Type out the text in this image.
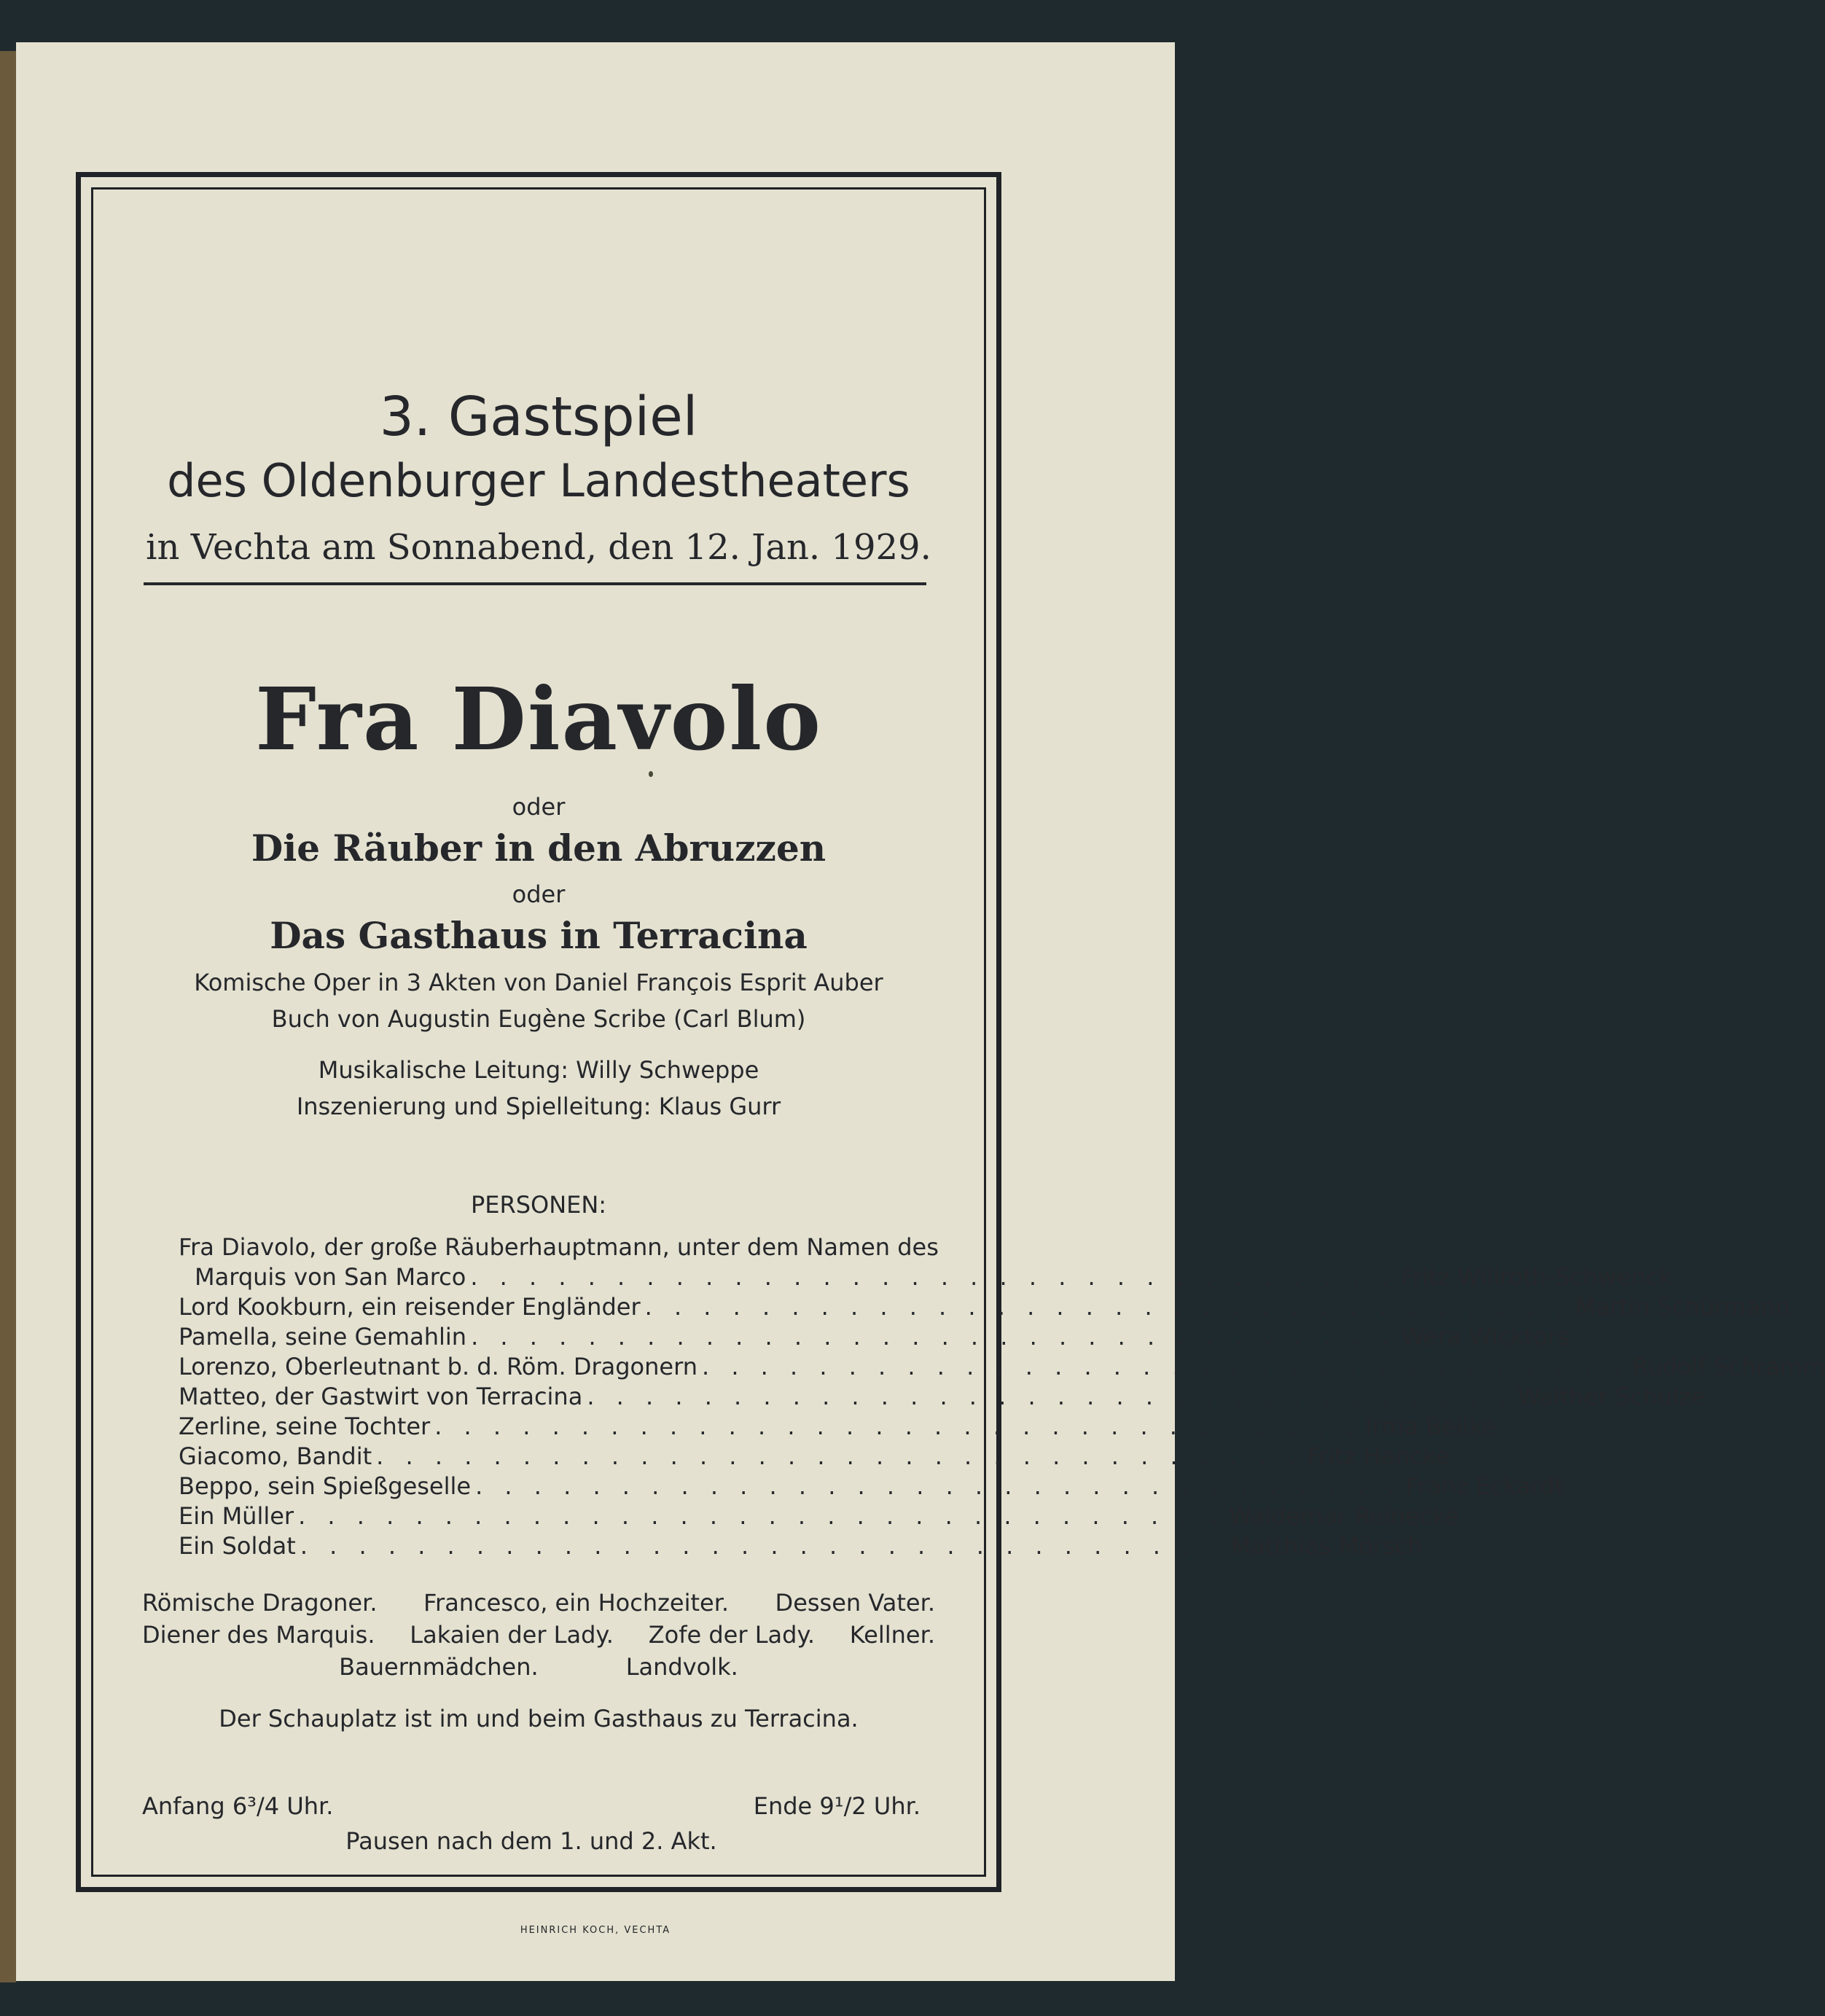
3. Gastspiel
des Oldenburger Landestheaters
in Vechta am Sonnabend, den 12. Jan. 1929.
Fra Diavolo
oder
Die Räuber in den Abruzzen
oder
Das Gasthaus in Terracina
Komische Oper in 3 Akten von Daniel François Esprit Auber
Buch von Augustin Eugène Scribe (Carl Blum)
Musikalische Leitung: Willy Schweppe
Inszenierung und Spielleitung: Klaus Gurr
PERSONEN:
Fra Diavolo, der große Räuberhauptmann, unter dem Namen des
Marquis von San Marco . . . . . . . . . . . . . . . . . . . . . . . . . . . . . . . . Fritz Willroth-Schwenck
Lord Kookburn, ein reisender Engländer . . . . . . . . . . . . . . . . . . . . . . . . . . . . . . . . Martin Schürmann
Pamella, seine Gemahlin . . . . . . . . . . . . . . . . . . . . . . . . . . . . . . . . Wera Wicktors
Lorenzo, Oberleutnant b. d. Röm. Dragonern . . . . . . . . . . . . . . . . . . . . . . . . . . . . . . . . Rudolf Schramm
Matteo, der Gastwirt von Terracina . . . . . . . . . . . . . . . . . . . . . . . . . . . . . . . . Walther Schulze
Zerline, seine Tochter . . . . . . . . . . . . . . . . . . . . . . . . . . . . . . . . Irma Beilke
Giacomo, Bandit . . . . . . . . . . . . . . . . . . . . . . . . . . . . . . . . Fritz Hancke
Beppo, sein Spießgeselle . . . . . . . . . . . . . . . . . . . . . . . . . . . . . . . . Franz Eckardt
Ein Müller . . . . . . . . . . . . . . . . . . . . . . . . . . . . . . . . Waldemar Reinecke
Ein Soldat . . . . . . . . . . . . . . . . . . . . . . . . . . . . . . . . Matthias Mörsch
Römische Dragoner. Francesco, ein Hochzeiter. Dessen Vater.
Diener des Marquis. Lakaien der Lady. Zofe der Lady. Kellner.
Bauernmädchen.	Landvolk.
Der Schauplatz ist im und beim Gasthaus zu Terracina.
Anfang 6³/4 Uhr.	Ende 9¹/2 Uhr.
Pausen nach dem 1. und 2. Akt.
HEINRICH KOCH, VECHTA
